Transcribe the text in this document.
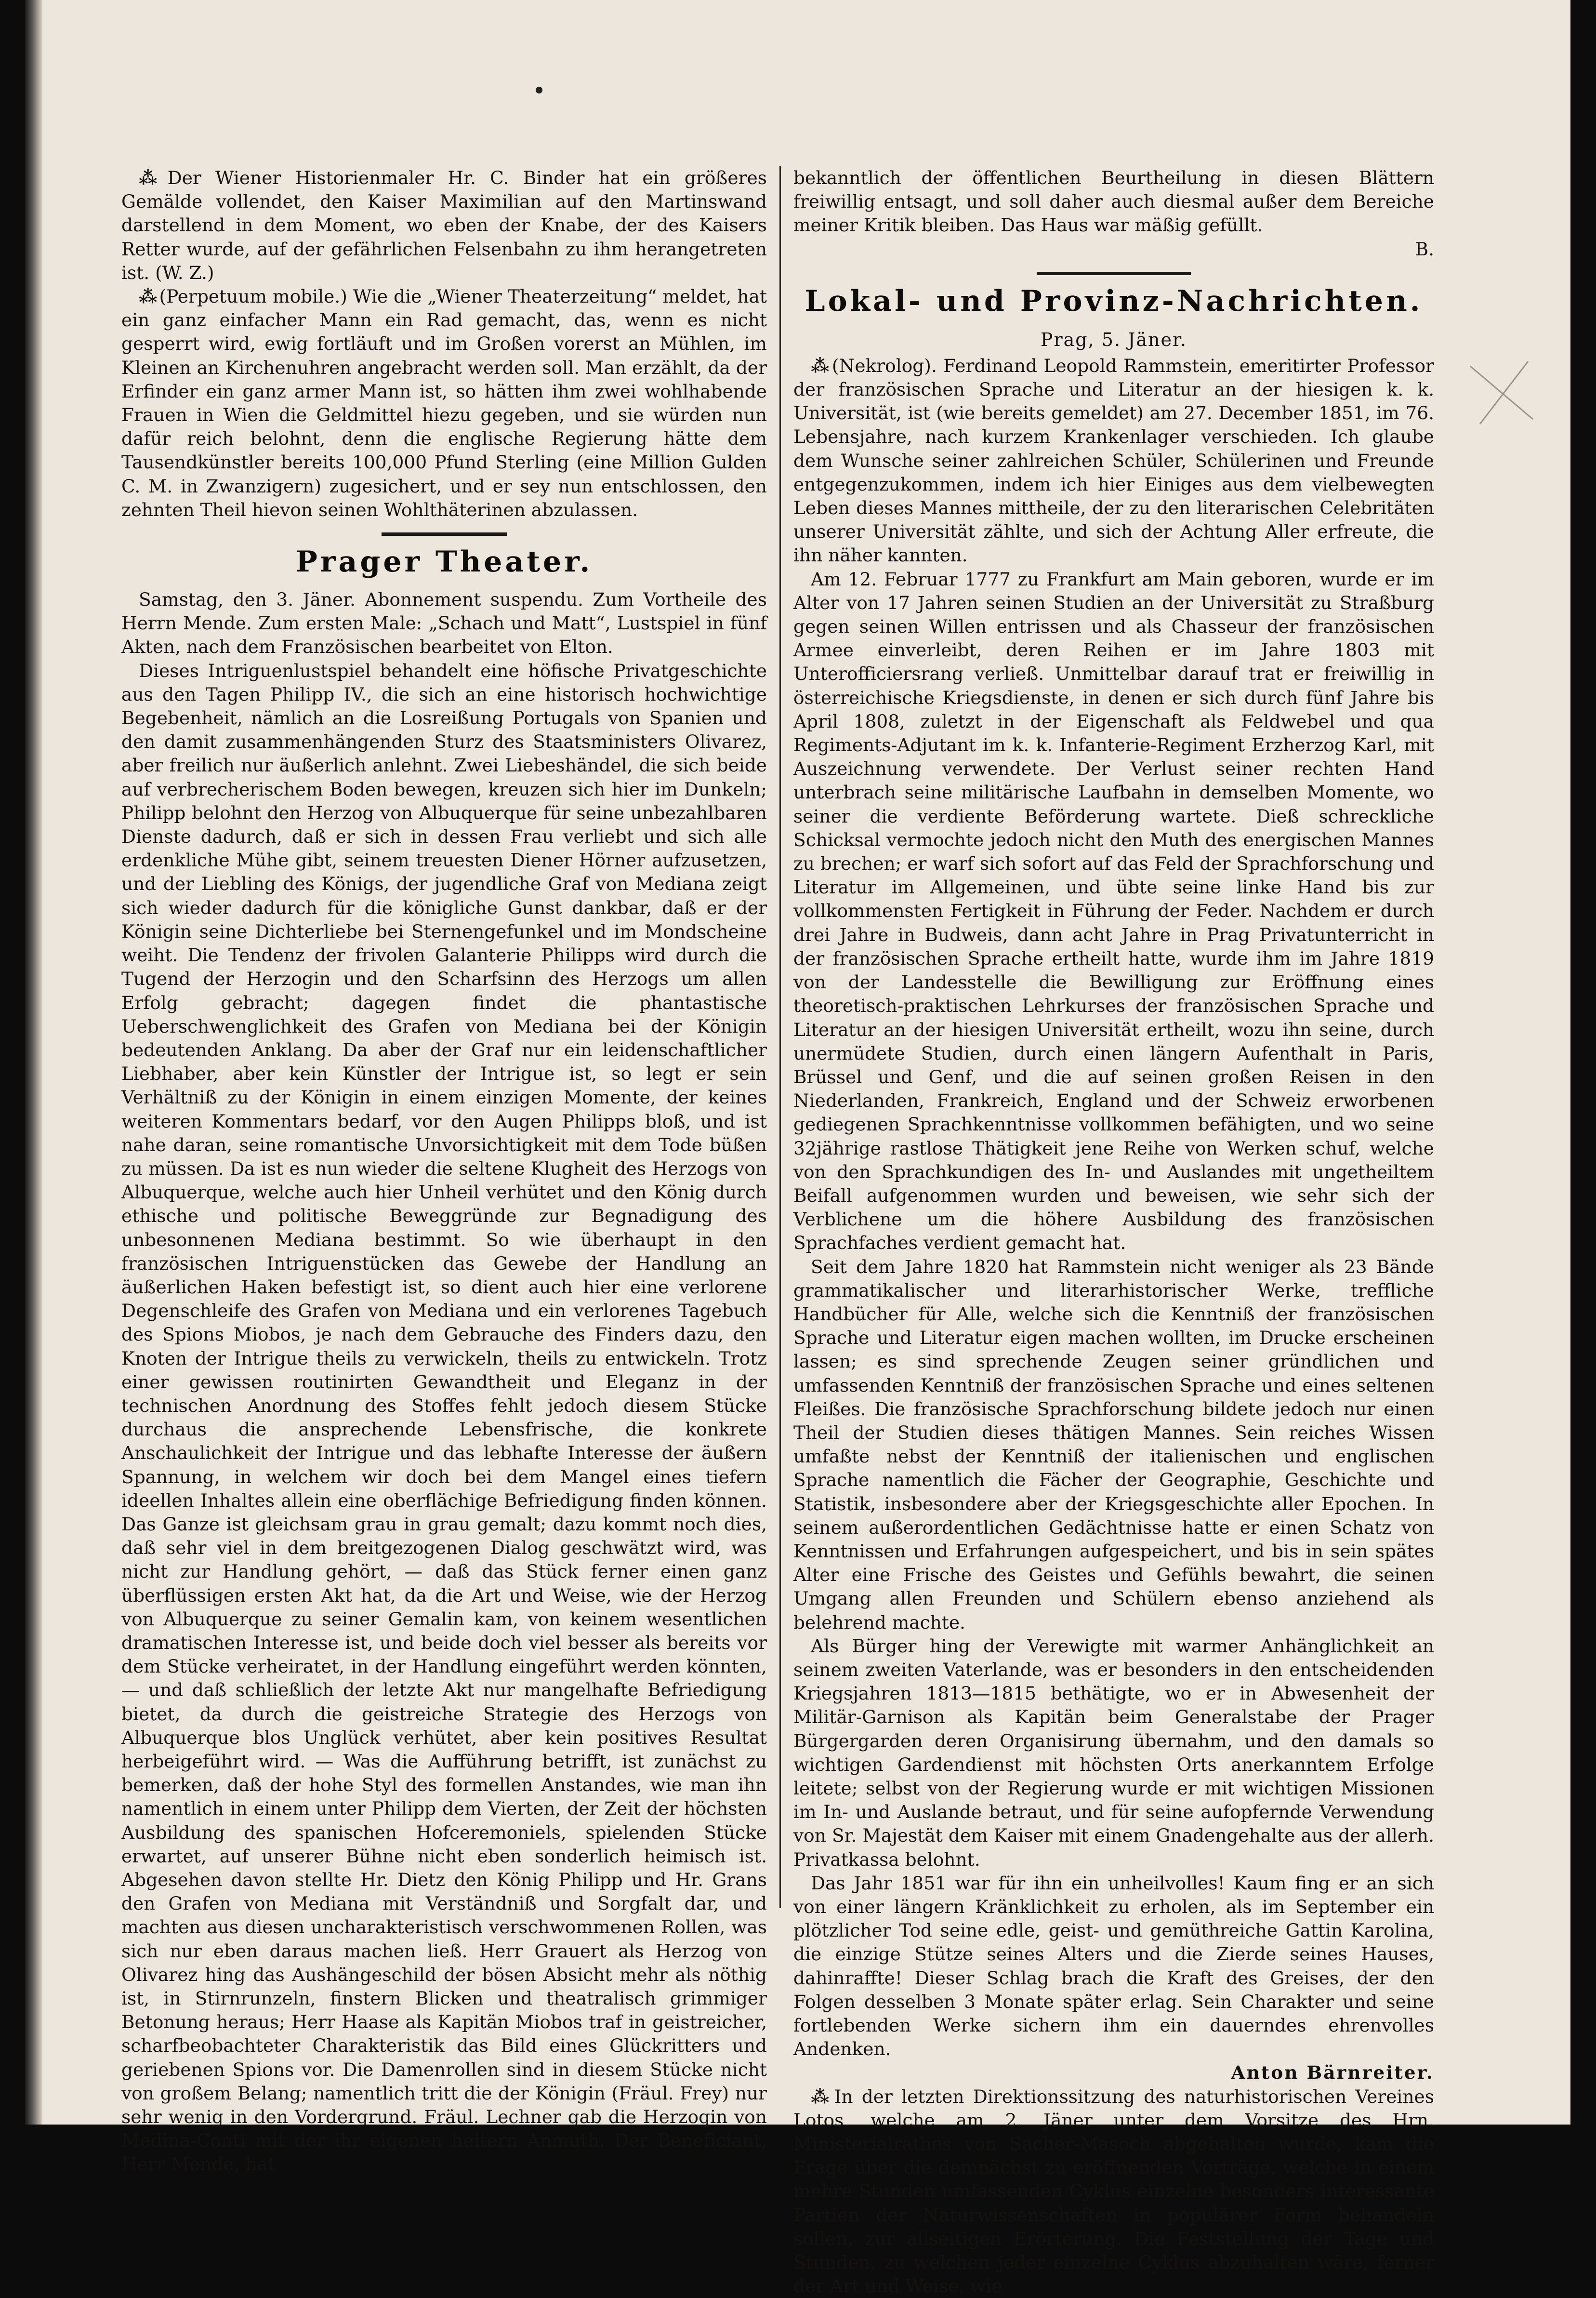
⁂ Der Wiener Historienmaler Hr. C. Binder hat ein größeres Gemälde vollendet, den Kaiser Maximilian auf den Martinswand darstellend in dem Moment, wo eben der Knabe, der des Kaisers Retter wurde, auf der gefährlichen Felsenbahn zu ihm herangetreten ist. (W. Z.)

⁂ (Perpetuum mobile.) Wie die „Wiener Theaterzeitung“ meldet, hat ein ganz einfacher Mann ein Rad gemacht, das, wenn es nicht gesperrt wird, ewig fortläuft und im Großen vorerst an Mühlen, im Kleinen an Kirchenuhren angebracht werden soll. Man erzählt, da der Erfinder ein ganz armer Mann ist, so hätten ihm zwei wohlhabende Frauen in Wien die Geldmittel hiezu gegeben, und sie würden nun dafür reich belohnt, denn die englische Regierung hätte dem Tausendkünstler bereits 100,000 Pfund Sterling (eine Million Gulden C. M. in Zwanzigern) zugesichert, und er sey nun entschlossen, den zehnten Theil hievon seinen Wohlthäterinen abzulassen.

Prager Theater.

Samstag, den 3. Jäner. Abonnement suspendu. Zum Vortheile des Herrn Mende. Zum ersten Male: „Schach und Matt“, Lustspiel in fünf Akten, nach dem Französischen bearbeitet von Elton.

Dieses Intriguenlustspiel behandelt eine höfische Privatgeschichte aus den Tagen Philipp IV., die sich an eine historisch hochwichtige Begebenheit, nämlich an die Losreißung Portugals von Spanien und den damit zusammenhängenden Sturz des Staatsministers Olivarez, aber freilich nur äußerlich anlehnt. Zwei Liebeshändel, die sich beide auf verbrecherischem Boden bewegen, kreuzen sich hier im Dunkeln; Philipp belohnt den Herzog von Albuquerque für seine unbezahlbaren Dienste dadurch, daß er sich in dessen Frau verliebt und sich alle erdenkliche Mühe gibt, seinem treuesten Diener Hörner aufzusetzen, und der Liebling des Königs, der jugendliche Graf von Mediana zeigt sich wieder dadurch für die königliche Gunst dankbar, daß er der Königin seine Dichterliebe bei Sternengefunkel und im Mondscheine weiht. Die Tendenz der frivolen Galanterie Philipps wird durch die Tugend der Herzogin und den Scharfsinn des Herzogs um allen Erfolg gebracht; dagegen findet die phantastische Ueberschwenglichkeit des Grafen von Mediana bei der Königin bedeutenden Anklang. Da aber der Graf nur ein leidenschaftlicher Liebhaber, aber kein Künstler der Intrigue ist, so legt er sein Verhältniß zu der Königin in einem einzigen Momente, der keines weiteren Kommentars bedarf, vor den Augen Philipps bloß, und ist nahe daran, seine romantische Unvorsichtigkeit mit dem Tode büßen zu müssen. Da ist es nun wieder die seltene Klugheit des Herzogs von Albuquerque, welche auch hier Unheil verhütet und den König durch ethische und politische Beweggründe zur Begnadigung des unbesonnenen Mediana bestimmt. So wie überhaupt in den französischen Intriguenstücken das Gewebe der Handlung an äußerlichen Haken befestigt ist, so dient auch hier eine verlorene Degenschleife des Grafen von Mediana und ein verlorenes Tagebuch des Spions Miobos, je nach dem Gebrauche des Finders dazu, den Knoten der Intrigue theils zu verwickeln, theils zu entwickeln. Trotz einer gewissen routinirten Gewandtheit und Eleganz in der technischen Anordnung des Stoffes fehlt jedoch diesem Stücke durchaus die ansprechende Lebensfrische, die konkrete Anschaulichkeit der Intrigue und das lebhafte Interesse der äußern Spannung, in welchem wir doch bei dem Mangel eines tiefern ideellen Inhaltes allein eine oberflächige Befriedigung finden können. Das Ganze ist gleichsam grau in grau gemalt; dazu kommt noch dies, daß sehr viel in dem breitgezogenen Dialog geschwätzt wird, was nicht zur Handlung gehört, — daß das Stück ferner einen ganz überflüssigen ersten Akt hat, da die Art und Weise, wie der Herzog von Albuquerque zu seiner Gemalin kam, von keinem wesentlichen dramatischen Interesse ist, und beide doch viel besser als bereits vor dem Stücke verheiratet, in der Handlung eingeführt werden könnten, — und daß schließlich der letzte Akt nur mangelhafte Befriedigung bietet, da durch die geistreiche Strategie des Herzogs von Albuquerque blos Unglück verhütet, aber kein positives Resultat herbeigeführt wird. — Was die Aufführung betrifft, ist zunächst zu bemerken, daß der hohe Styl des formellen Anstandes, wie man ihn namentlich in einem unter Philipp dem Vierten, der Zeit der höchsten Ausbildung des spanischen Hofceremoniels, spielenden Stücke erwartet, auf unserer Bühne nicht eben sonderlich heimisch ist. Abgesehen davon stellte Hr. Dietz den König Philipp und Hr. Grans den Grafen von Mediana mit Verständniß und Sorgfalt dar, und machten aus diesen uncharakteristisch verschwommenen Rollen, was sich nur eben daraus machen ließ. Herr Grauert als Herzog von Olivarez hing das Aushängeschild der bösen Absicht mehr als nöthig ist, in Stirnrunzeln, finstern Blicken und theatralisch grimmiger Betonung heraus; Herr Haase als Kapitän Miobos traf in geistreicher, scharfbeobachteter Charakteristik das Bild eines Glückritters und geriebenen Spions vor. Die Damenrollen sind in diesem Stücke nicht von großem Belang; namentlich tritt die der Königin (Fräul. Frey) nur sehr wenig in den Vordergrund. Fräul. Lechner gab die Herzogin von Medina-Conti mit der ihr eigenen heitern Anmuth. Der Beneficiant, Herr Mende, hat

bekanntlich der öffentlichen Beurtheilung in diesen Blättern freiwillig entsagt, und soll daher auch diesmal außer dem Bereiche meiner Kritik bleiben. Das Haus war mäßig gefüllt.

B.

Lokal- und Provinz-Nachrichten.
Prag, 5. Jäner.

⁂ (Nekrolog). Ferdinand Leopold Rammstein, emeritirter Professor der französischen Sprache und Literatur an der hiesigen k. k. Universität, ist (wie bereits gemeldet) am 27. December 1851, im 76. Lebensjahre, nach kurzem Krankenlager verschieden. Ich glaube dem Wunsche seiner zahlreichen Schüler, Schülerinen und Freunde entgegenzukommen, indem ich hier Einiges aus dem vielbewegten Leben dieses Mannes mittheile, der zu den literarischen Celebritäten unserer Universität zählte, und sich der Achtung Aller erfreute, die ihn näher kannten.

Am 12. Februar 1777 zu Frankfurt am Main geboren, wurde er im Alter von 17 Jahren seinen Studien an der Universität zu Straßburg gegen seinen Willen entrissen und als Chasseur der französischen Armee einverleibt, deren Reihen er im Jahre 1803 mit Unterofficiersrang verließ. Unmittelbar darauf trat er freiwillig in österreichische Kriegsdienste, in denen er sich durch fünf Jahre bis April 1808, zuletzt in der Eigenschaft als Feldwebel und qua Regiments-Adjutant im k. k. Infanterie-Regiment Erzherzog Karl, mit Auszeichnung verwendete. Der Verlust seiner rechten Hand unterbrach seine militärische Laufbahn in demselben Momente, wo seiner die verdiente Beförderung wartete. Dieß schreckliche Schicksal vermochte jedoch nicht den Muth des energischen Mannes zu brechen; er warf sich sofort auf das Feld der Sprachforschung und Literatur im Allgemeinen, und übte seine linke Hand bis zur vollkommensten Fertigkeit in Führung der Feder. Nachdem er durch drei Jahre in Budweis, dann acht Jahre in Prag Privatunterricht in der französischen Sprache ertheilt hatte, wurde ihm im Jahre 1819 von der Landesstelle die Bewilligung zur Eröffnung eines theoretisch-praktischen Lehrkurses der französischen Sprache und Literatur an der hiesigen Universität ertheilt, wozu ihn seine, durch unermüdete Studien, durch einen längern Aufenthalt in Paris, Brüssel und Genf, und die auf seinen großen Reisen in den Niederlanden, Frankreich, England und der Schweiz erworbenen gediegenen Sprachkenntnisse vollkommen befähigten, und wo seine 32jährige rastlose Thätigkeit jene Reihe von Werken schuf, welche von den Sprachkundigen des In- und Auslandes mit ungetheiltem Beifall aufgenommen wurden und beweisen, wie sehr sich der Verblichene um die höhere Ausbildung des französischen Sprachfaches verdient gemacht hat.

Seit dem Jahre 1820 hat Rammstein nicht weniger als 23 Bände grammatikalischer und literarhistorischer Werke, treffliche Handbücher für Alle, welche sich die Kenntniß der französischen Sprache und Literatur eigen machen wollten, im Drucke erscheinen lassen; es sind sprechende Zeugen seiner gründlichen und umfassenden Kenntniß der französischen Sprache und eines seltenen Fleißes. Die französische Sprachforschung bildete jedoch nur einen Theil der Studien dieses thätigen Mannes. Sein reiches Wissen umfaßte nebst der Kenntniß der italienischen und englischen Sprache namentlich die Fächer der Geographie, Geschichte und Statistik, insbesondere aber der Kriegsgeschichte aller Epochen. In seinem außerordentlichen Gedächtnisse hatte er einen Schatz von Kenntnissen und Erfahrungen aufgespeichert, und bis in sein spätes Alter eine Frische des Geistes und Gefühls bewahrt, die seinen Umgang allen Freunden und Schülern ebenso anziehend als belehrend machte.

Als Bürger hing der Verewigte mit warmer Anhänglichkeit an seinem zweiten Vaterlande, was er besonders in den entscheidenden Kriegsjahren 1813—1815 bethätigte, wo er in Abwesenheit der Militär-Garnison als Kapitän beim Generalstabe der Prager Bürgergarden deren Organisirung übernahm, und den damals so wichtigen Gardendienst mit höchsten Orts anerkanntem Erfolge leitete; selbst von der Regierung wurde er mit wichtigen Missionen im In- und Auslande betraut, und für seine aufopfernde Verwendung von Sr. Majestät dem Kaiser mit einem Gnadengehalte aus der allerh. Privatkassa belohnt.

Das Jahr 1851 war für ihn ein unheilvolles! Kaum fing er an sich von einer längern Kränklichkeit zu erholen, als im September ein plötzlicher Tod seine edle, geist- und gemüthreiche Gattin Karolina, die einzige Stütze seines Alters und die Zierde seines Hauses, dahinraffte! Dieser Schlag brach die Kraft des Greises, der den Folgen desselben 3 Monate später erlag. Sein Charakter und seine fortlebenden Werke sichern ihm ein dauerndes ehrenvolles Andenken.

Anton Bärnreiter.

⁂ In der letzten Direktionssitzung des naturhistorischen Vereines Lotos, welche am 2. Jäner unter dem Vorsitze des Hrn. Ministerialrathes von Sacher-Masoch abgehalten wurde, kam die Frage über die demnächst zu eröffnenden Vorträge, welche in einem mehre Stunden umfassenden Cyklus einzelne besonders interessante Partien der Naturwissenschaften in populärer Form behandeln sollen, zur allseitigen Erörterung. Die Feststellung der Tage und Stunden, zu welchen jeder einzelne Cyklus abzuhalten wäre, ferner der Art und Weise, wie
